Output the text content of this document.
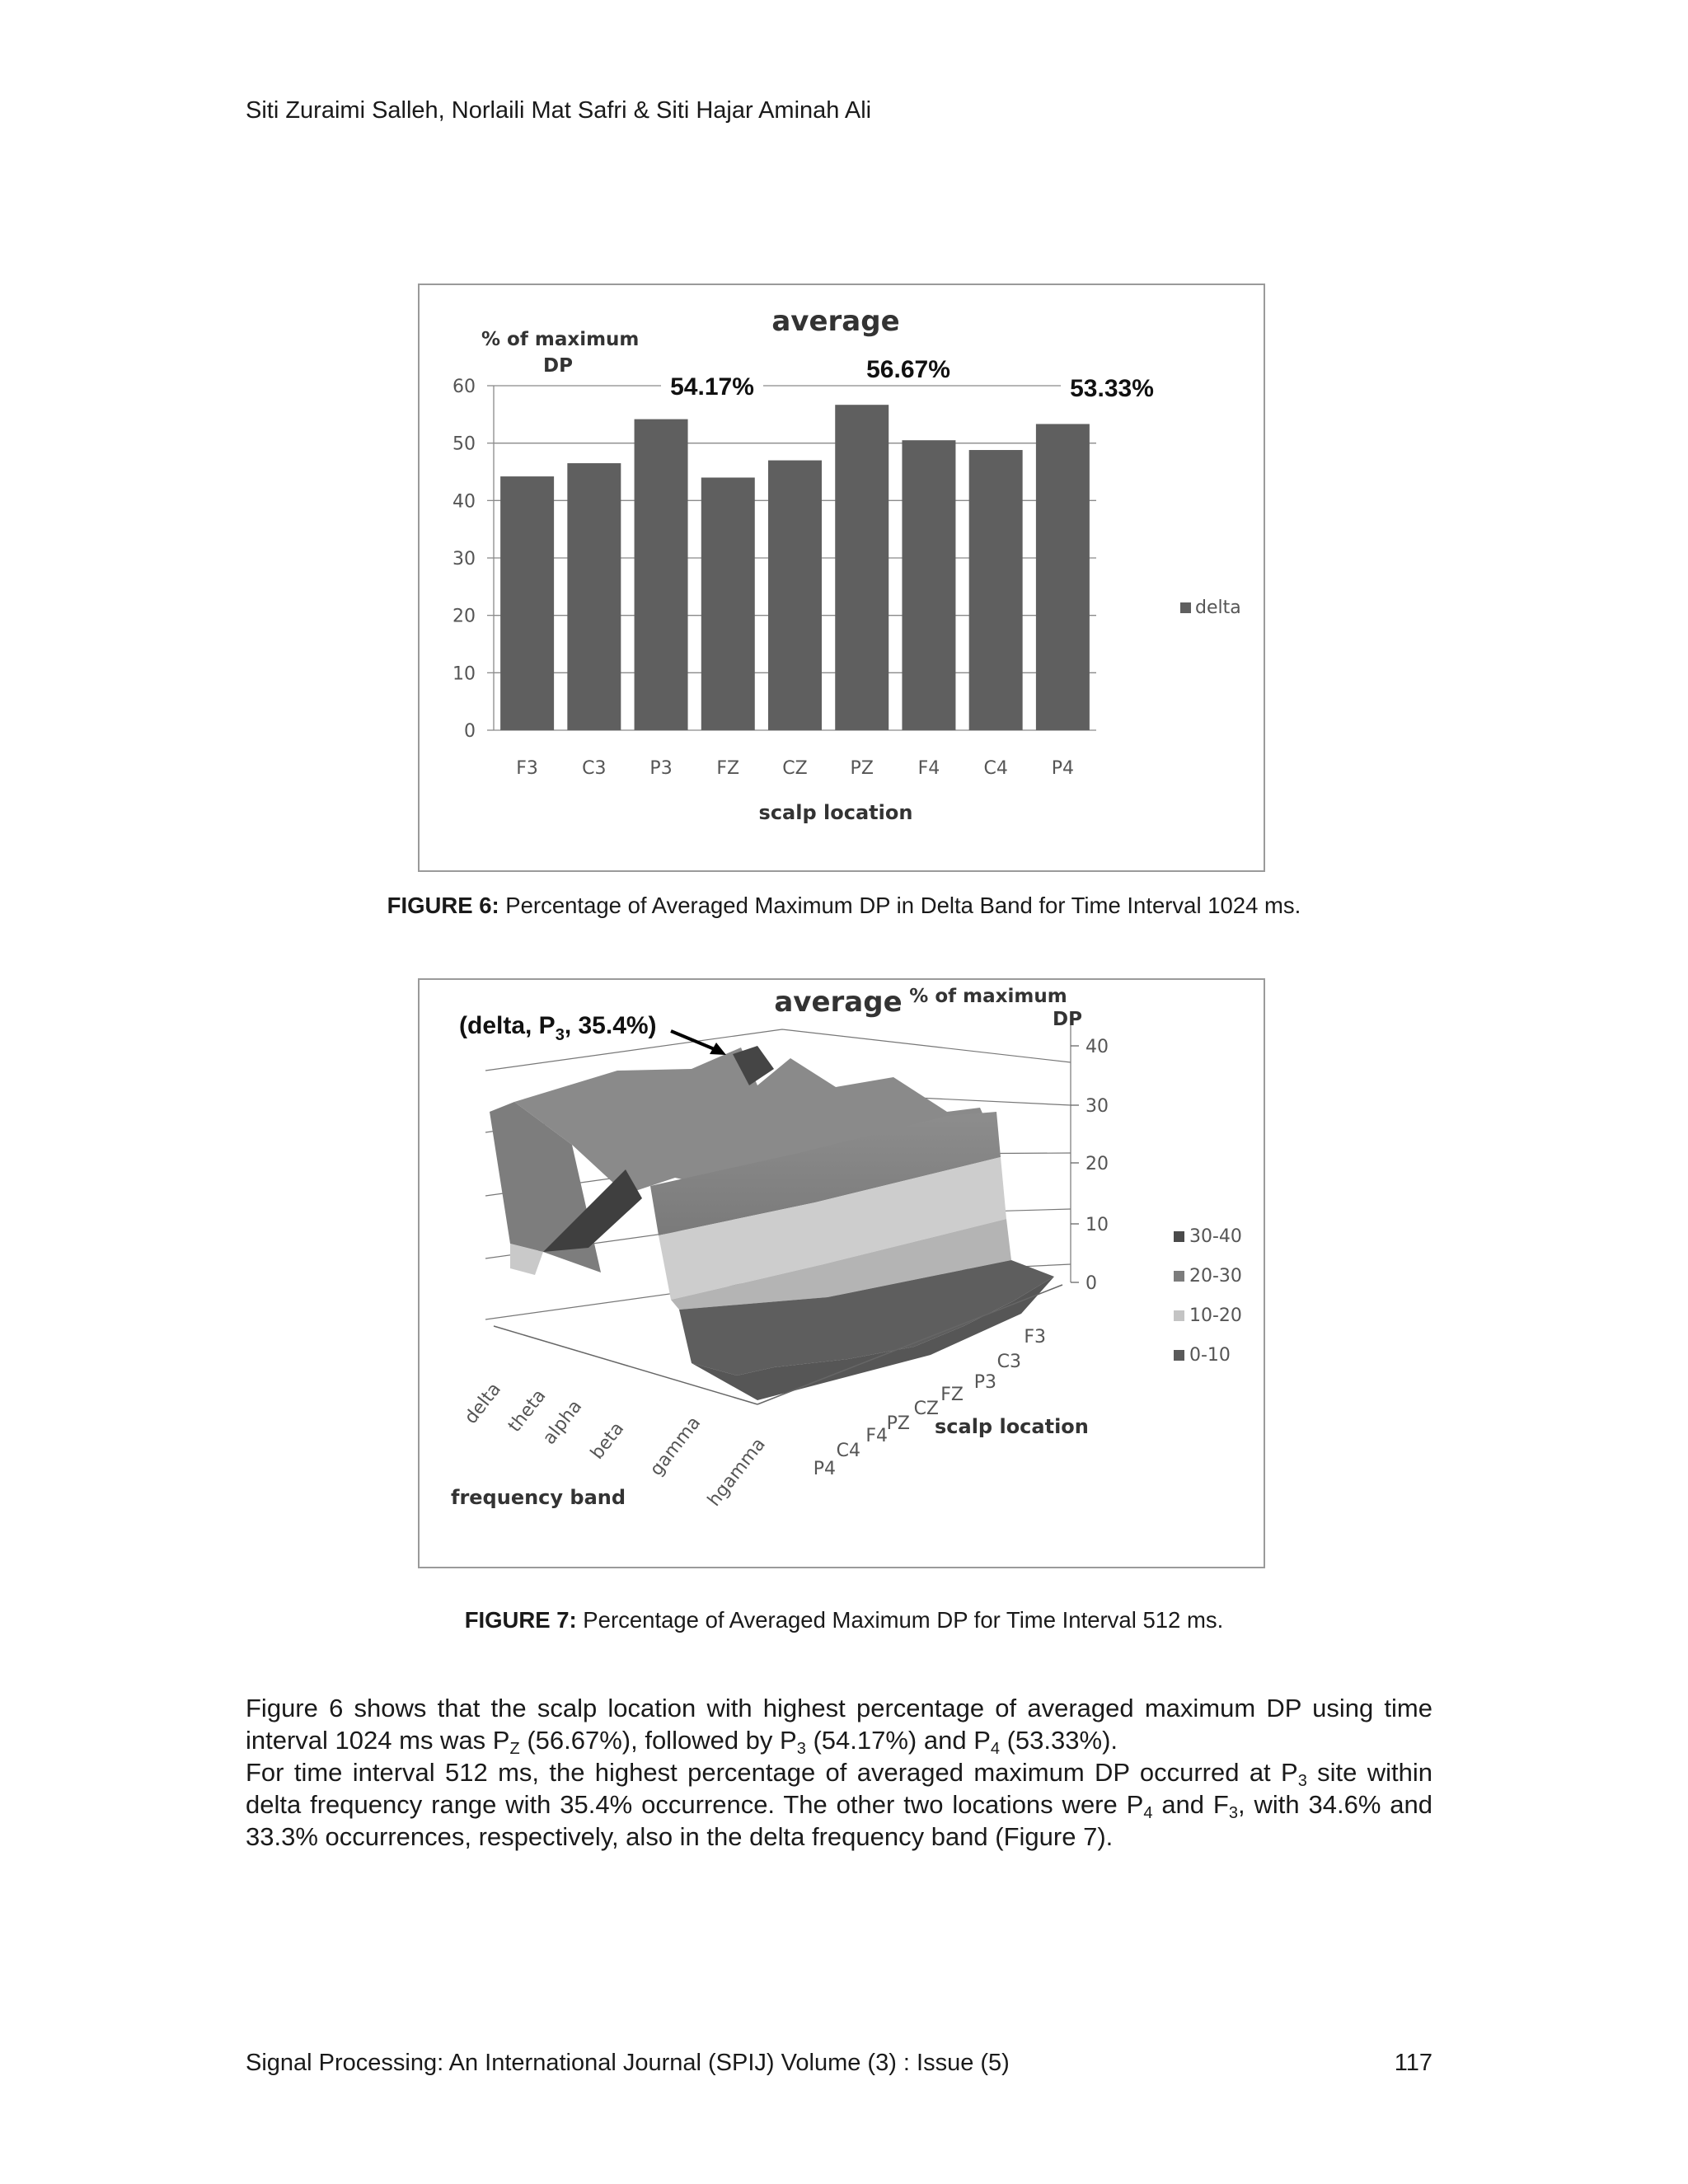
Siti Zuraimi Salleh, Norlaili Mat Safri & Siti Hajar Aminah Ali
0
10
20
30
40
50
60
F3 C3 P3 FZ CZ PZ F4 C4 P4
average
% of maximum
DP
scalp location
delta
54.17%
56.67%
53.33%
FIGURE 6: Percentage of Averaged Maximum DP in Delta Band for Time Interval 1024 ms.
0
10
20
30
40
F3
C3
P3
FZ
CZ
PZ
F4
C4
P4
delta
theta
alpha beta gamma
hgamma
30-40
20-30
10-20
0-10
average % of maximum
DP
scalp location
frequency band
(delta, $P_3$, 35.4%)
FIGURE 7: Percentage of Averaged Maximum DP for Time Interval 512 ms.

Figure 6 shows that the scalp location with highest percentage of averaged maximum DP using time interval 1024 ms was $P_Z$ (56.67%), followed by $P_3$ (54.17%) and $P_4$ (53.33%).

For time interval 512 ms, the highest percentage of averaged maximum DP occurred at $P_3$ site within delta frequency range with 35.4% occurrence. The other two locations were $P_4$ and $F_3$, with 34.6% and 33.3% occurrences, respectively, also in the delta frequency band (Figure 7).

Signal Processing: An International Journal (SPIJ) Volume (3) : Issue (5)	117
